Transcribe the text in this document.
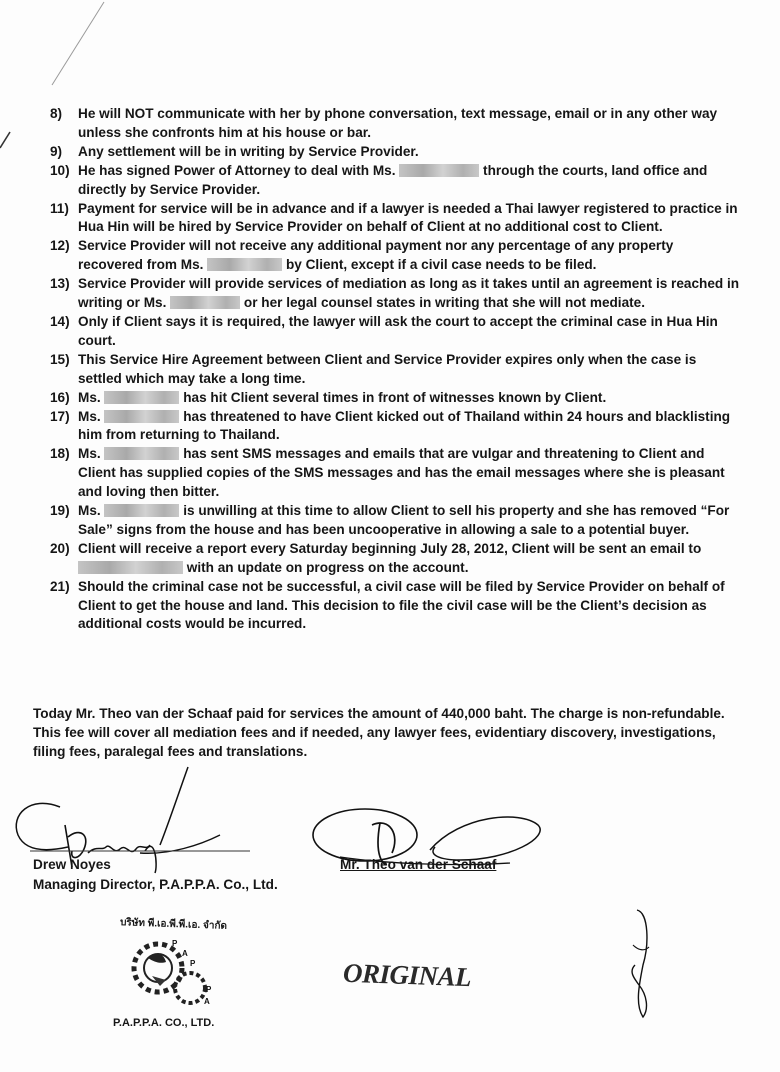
8) He will NOT communicate with her by phone conversation, text message, email or in any other way unless she confronts him at his house or bar.
9) Any settlement will be in writing by Service Provider.
10) He has signed Power of Attorney to deal with Ms.	through the courts, land office and directly by Service Provider.
11) Payment for service will be in advance and if a lawyer is needed a Thai lawyer registered to practice in Hua Hin will be hired by Service Provider on behalf of Client at no additional cost to Client.
12) Service Provider will not receive any additional payment nor any percentage of any property recovered from Ms.	by Client, except if a civil case needs to be filed.
13) Service Provider will provide services of mediation as long as it takes until an agreement is reached in writing or Ms.	or her legal counsel states in writing that she will not mediate.
14) Only if Client says it is required, the lawyer will ask the court to accept the criminal case in Hua Hin court.
15) This Service Hire Agreement between Client and Service Provider expires only when the case is settled which may take a long time.
16) Ms.	has hit Client several times in front of witnesses known by Client.
17) Ms.	has threatened to have Client kicked out of Thailand within 24 hours and blacklisting him from returning to Thailand.
18) Ms.	has sent SMS messages and emails that are vulgar and threatening to Client and Client has supplied copies of the SMS messages and has the email messages where she is pleasant and loving then bitter.
19) Ms.	is unwilling at this time to allow Client to sell his property and she has removed “For Sale” signs from the house and has been uncooperative in allowing a sale to a potential buyer.
20) Client will receive a report every Saturday beginning July 28, 2012, Client will be sent an email to  with an update on progress on the account.
21) Should the criminal case not be successful, a civil case will be filed by Service Provider on behalf of Client to get the house and land. This decision to file the civil case will be the Client’s decision as additional costs would be incurred.
Today Mr. Theo van der Schaaf paid for services the amount of 440,000 baht. The charge is non-refundable. This fee will cover all mediation fees and if needed, any lawyer fees, evidentiary discovery, investigations, filing fees, paralegal fees and translations.
Drew Noyes
Managing Director, P.A.P.P.A. Co., Ltd.
Mr. Theo van der Schaaf
บริษัท พี.เอ.พี.พี.เอ. จำกัด
P
A
P
P
A
P.A.P.P.A. CO., LTD.
ORIGINAL
